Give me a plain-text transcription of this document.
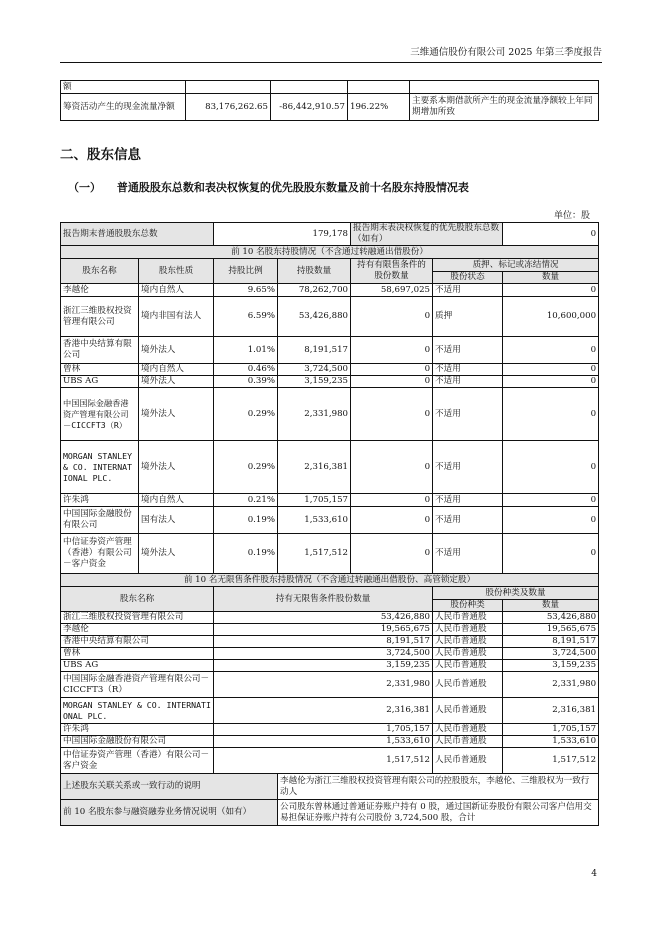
三维通信股份有限公司 2025 年第三季度报告
额				
筹资活动产生的现金流量净额	83,176,262.65	-86,442,910.57	196.22%	主要系本期借款所产生的现金流量净额较上年同期增加所致
二、股东信息
（一） 普通股股东总数和表决权恢复的优先股股东数量及前十名股东持股情况表
单位：股
报告期末普通股股东总数		179,178		报告期末表决权恢复的优先股股东总数（如有）		0
前 10 名股东持股情况（不含通过转融通出借股份）						
股东名称	股东性质	持股比例	持股数量	持有有限售条件的股份数量	质押、标记或冻结情况	
					股份状态	数量
李越伦	境内自然人	9.65%	78,262,700	58,697,025	不适用	0
浙江三维股权投资管理有限公司	境内非国有法人	6.59%	53,426,880	0	质押	10,600,000
香港中央结算有限公司	境外法人	1.01%	8,191,517	0	不适用	0
曾林	境内自然人	0.46%	3,724,500	0	不适用	0
UBS AG	境外法人	0.39%	3,159,235	0	不适用	0
中国国际金融香港资产管理有限公司－CICCFT3（R）	境外法人	0.29%	2,331,980	0	不适用	0
MORGAN STANLEY & CO. INTERNATIONAL PLC.	境外法人	0.29%	2,316,381	0	不适用	0
许朱鸿	境内自然人	0.21%	1,705,157	0	不适用	0
中国国际金融股份有限公司	国有法人	0.19%	1,533,610	0	不适用	0
中信证券资产管理（香港）有限公司－客户资金	境外法人	0.19%	1,517,512	0	不适用	0
前 10 名无限售条件股东持股情况（不含通过转融通出借股份、高管锁定股）						
股东名称		持有无限售条件股份数量			股份种类及数量	
					股份种类	数量
浙江三维股权投资管理有限公司		53,426,880			人民币普通股	53,426,880
李越伦		19,565,675			人民币普通股	19,565,675
香港中央结算有限公司		8,191,517			人民币普通股	8,191,517
曾林		3,724,500			人民币普通股	3,724,500
UBS AG		3,159,235			人民币普通股	3,159,235
中国国际金融香港资产管理有限公司－CICCFT3（R）		2,331,980			人民币普通股	2,331,980
MORGAN STANLEY & CO. INTERNATIONAL PLC.		2,316,381			人民币普通股	2,316,381
许朱鸿		1,705,157			人民币普通股	1,705,157
中国国际金融股份有限公司		1,533,610			人民币普通股	1,533,610
中信证券资产管理（香港）有限公司－客户资金		1,517,512			人民币普通股	1,517,512
上述股东关联关系或一致行动的说明			李越伦为浙江三维股权投资管理有限公司的控股股东，李越伦、三维股权为一致行动人			
前 10 名股东参与融资融券业务情况说明（如有）			公司股东曾林通过普通证券账户持有 0 股，通过国新证券股份有限公司客户信用交易担保证券账户持有公司股份 3,724,500 股，合计			
4
